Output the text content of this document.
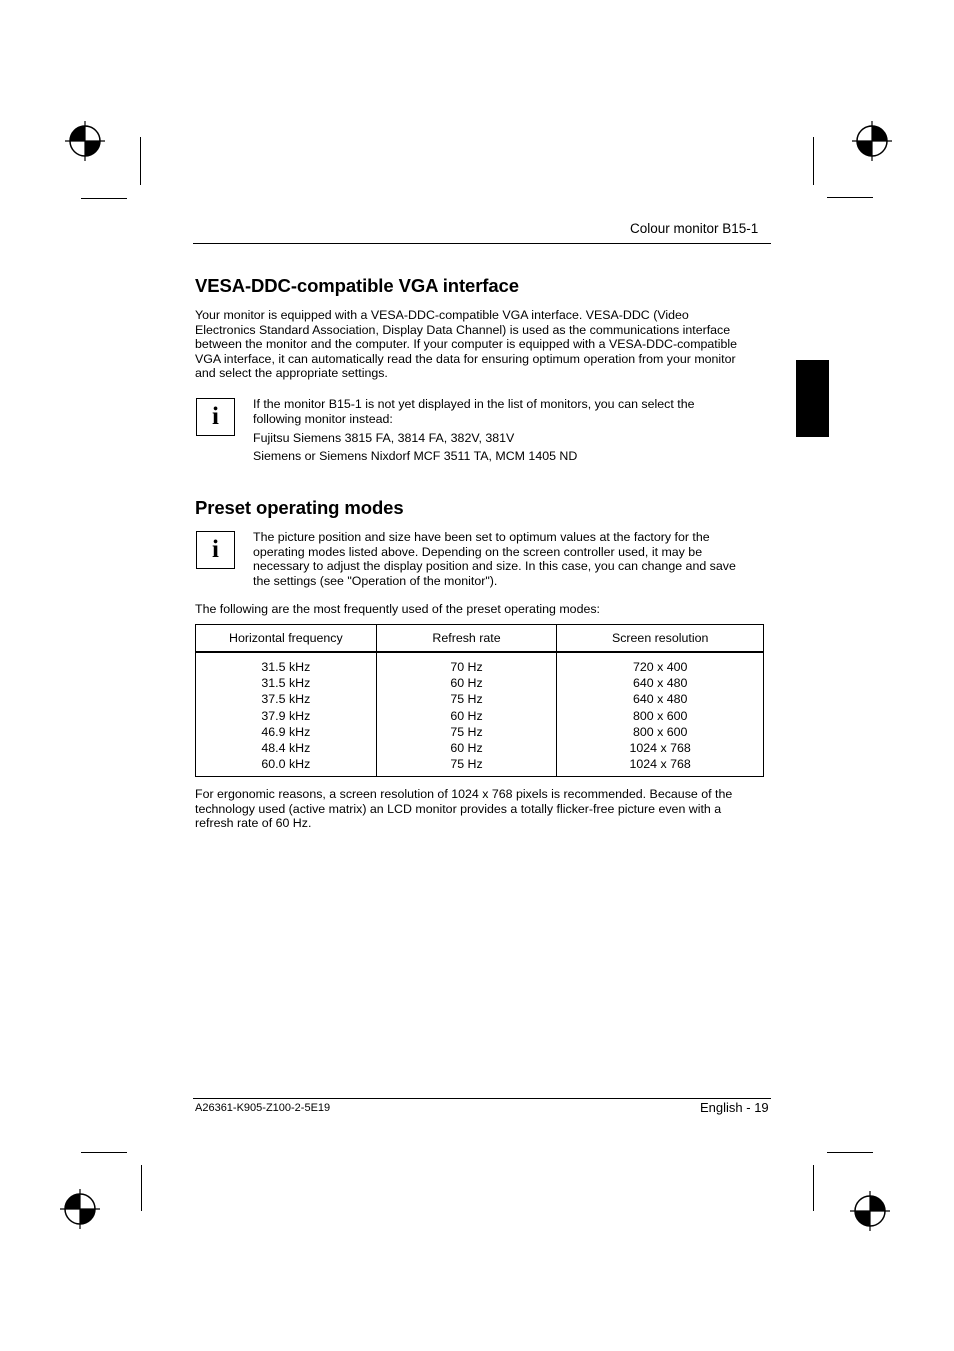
Colour monitor B15-1
VESA-DDC-compatible VGA interface
Your monitor is equipped with a VESA-DDC-compatible VGA interface. VESA-DDC (Video
Electronics Standard Association, Display Data Channel) is used as the communications interface
between the monitor and the computer. If your computer is equipped with a VESA-DDC-compatible
VGA interface, it can automatically read the data for ensuring optimum operation from your monitor
and select the appropriate settings.
i	If the monitor B15-1 is not yet displayed in the list of monitors, you can select the
following monitor instead:
Fujitsu Siemens 3815 FA, 3814 FA, 382V, 381V
Siemens or Siemens Nixdorf MCF 3511 TA, MCM 1405 ND
Preset operating modes
i	The picture position and size have been set to optimum values at the factory for the
operating modes listed above. Depending on the screen controller used, it may be
necessary to adjust the display position and size. In this case, you can change and save
the settings (see "Operation of the monitor").
The following are the most frequently used of the preset operating modes:
Horizontal frequency	Refresh rate	Screen resolution
31.5 kHz	70 Hz	720 x 400
31.5 kHz	60 Hz	640 x 480
37.5 kHz	75 Hz	640 x 480
37.9 kHz	60 Hz	800 x 600
46.9 kHz	75 Hz	800 x 600
48.4 kHz	60 Hz	1024 x 768
60.0 kHz	75 Hz	1024 x 768
For ergonomic reasons, a screen resolution of 1024 x 768 pixels is recommended. Because of the
technology used (active matrix) an LCD monitor provides a totally flicker-free picture even with a
refresh rate of 60 Hz.
A26361-K905-Z100-2-5E19	English - 19
